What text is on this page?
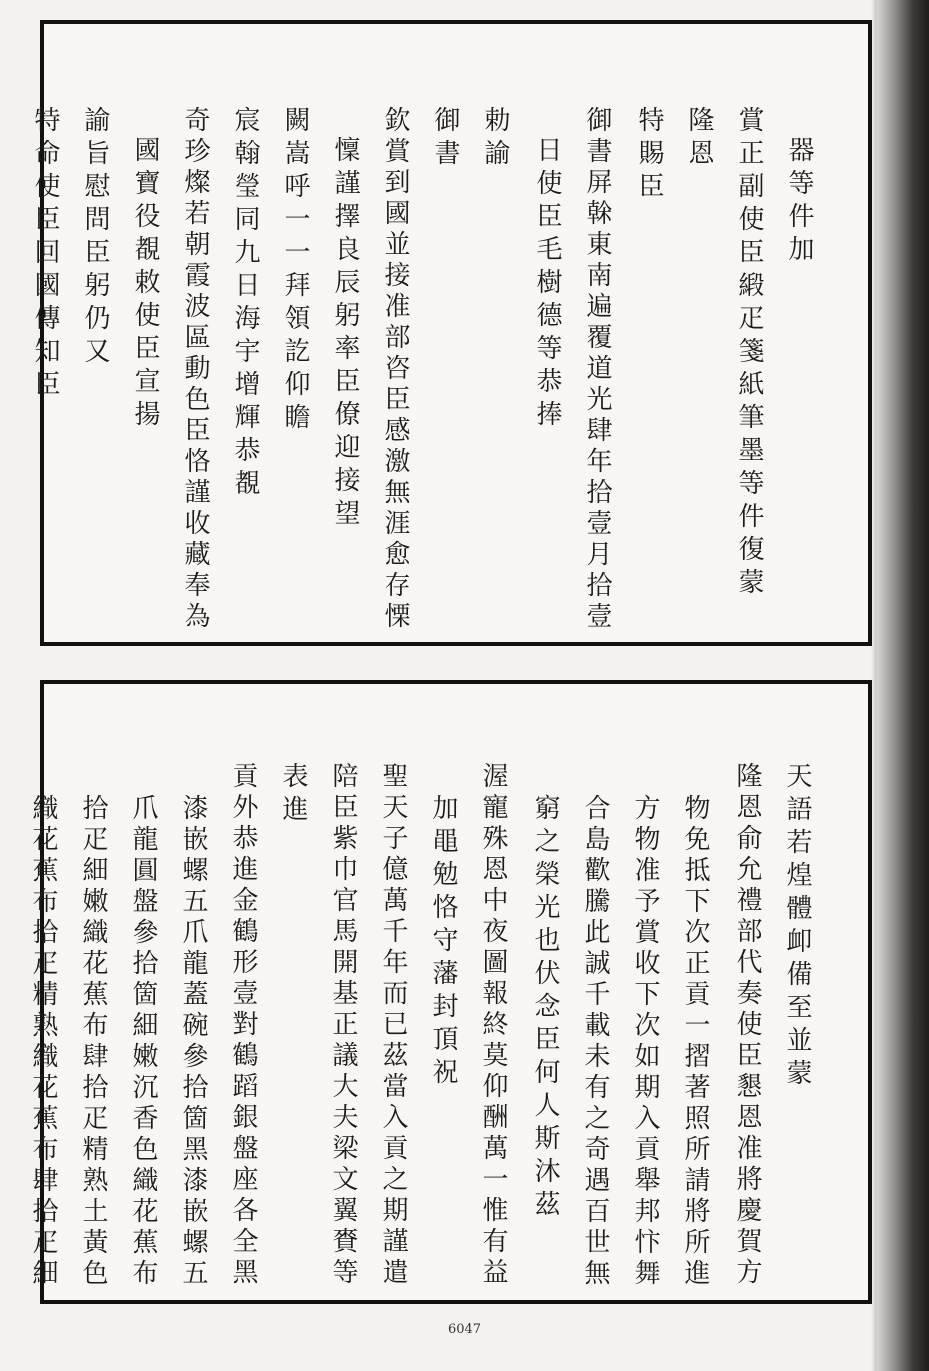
器等件加
賞正副使臣緞疋箋紙筆墨等件復蒙
隆恩
特賜臣
御書屏榦東南遍覆道光肆年拾壹月拾壹
日使臣毛樹德等恭捧
勅諭
御書
欽賞到國並接准部咨臣感激無涯愈存慄
懍謹擇良辰躬率臣僚迎接望
闕嵩呼一一拜領訖仰瞻
宸翰瑩同九日海宇增輝恭覩
奇珍燦若朝霞波區動色臣恪謹收藏奉為
國寶役覩敕使臣宣揚
諭旨慰問臣躬仍又
特命使臣回國傳知臣
天語若煌體卹備至並蒙
隆恩俞允禮部代奏使臣懇恩准將慶賀方
物免抵下次正貢一摺著照所請將所進
方物准予賞收下次如期入貢舉邦忭舞
合島歡騰此誠千載未有之奇遇百世無
窮之榮光也伏念臣何人斯沐茲
渥寵殊恩中夜圖報終莫仰酬萬一惟有益
加黽勉恪守藩封頂祝
聖天子億萬千年而已茲當入貢之期謹遣
陪臣紫巾官馬開基正議大夫梁文翼賚等
表進
貢外恭進金鶴形壹對鶴蹈銀盤座各全黑
漆嵌螺五爪龍蓋碗參拾箇黑漆嵌螺五
爪龍圓盤參拾箇細嫩沉香色織花蕉布
拾疋細嫩織花蕉布肆拾疋精熟土黃色
織花蕉布拾疋精熟織花蕉布肆拾疋細
6047
